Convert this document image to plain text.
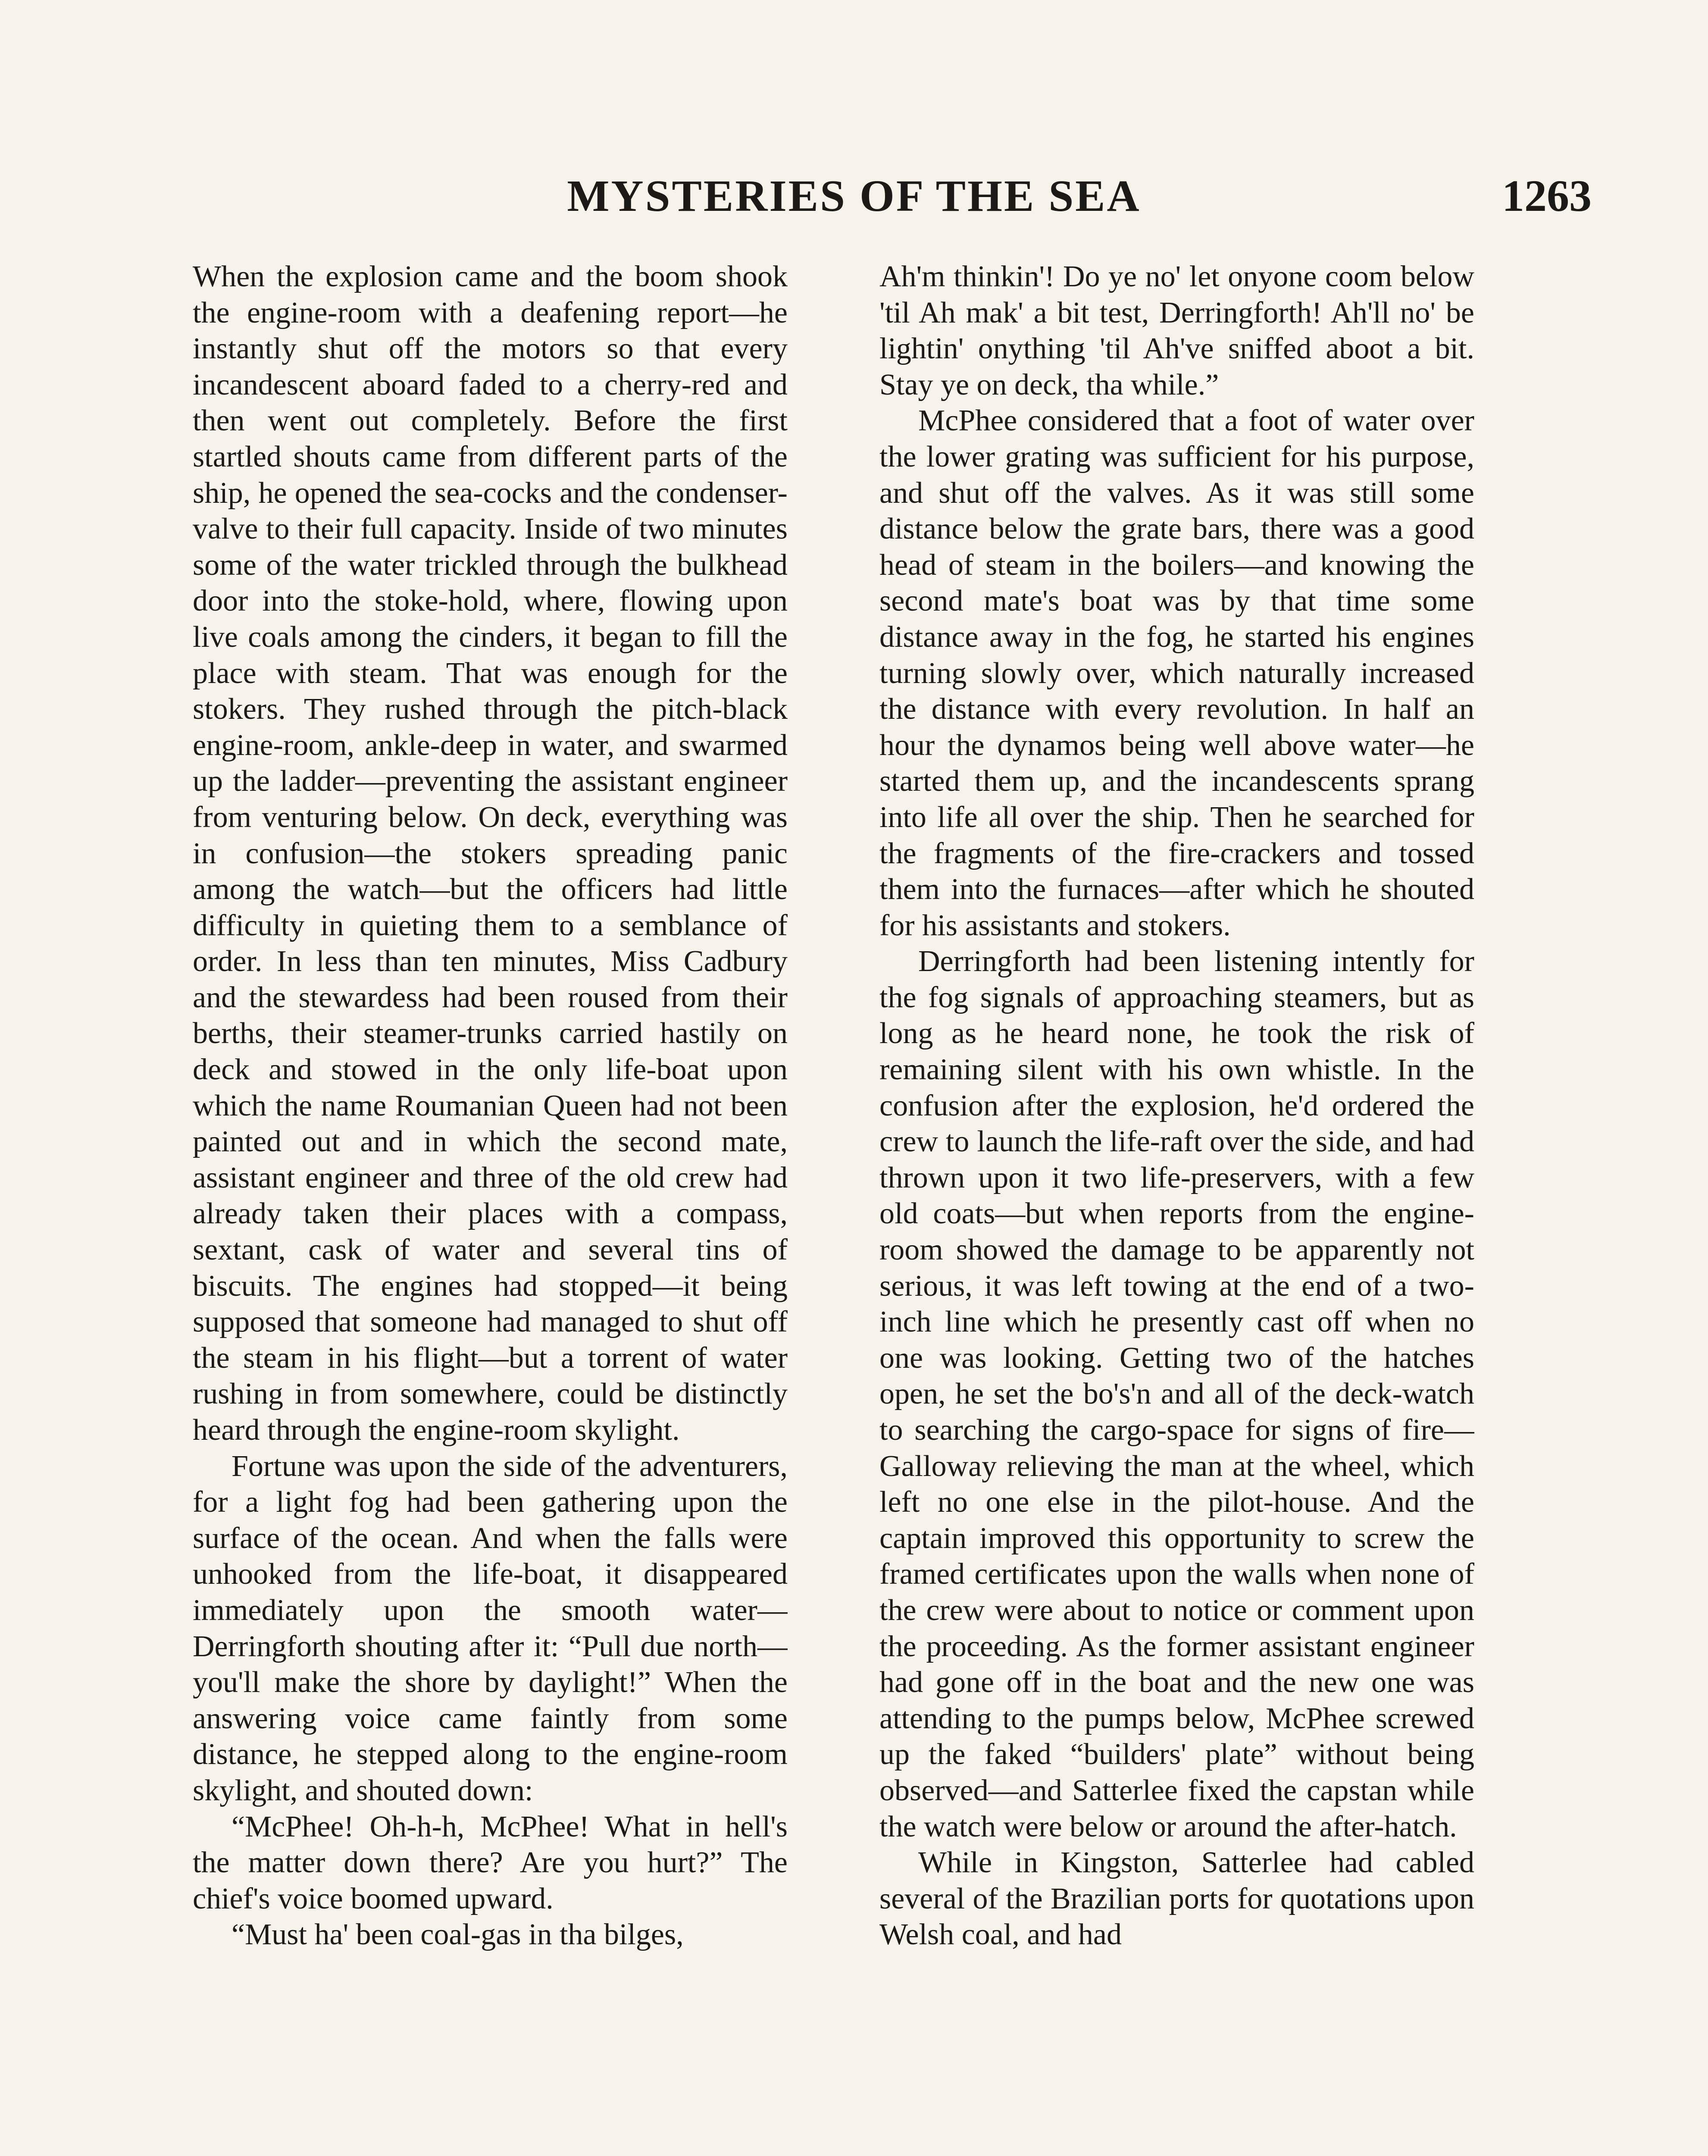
MYSTERIES OF THE SEA	1263

When the explosion came and the boom shook the engine-room with a deafening report—he instantly shut off the motors so that every incandescent aboard faded to a cherry-red and then went out completely. Before the first startled shouts came from different parts of the ship, he opened the sea-cocks and the condenser-valve to their full capacity. Inside of two minutes some of the water trickled through the bulkhead door into the stoke-hold, where, flowing upon live coals among the cinders, it began to fill the place with steam. That was enough for the stokers. They rushed through the pitch-black engine-room, ankle-deep in water, and swarmed up the ladder—preventing the assistant engineer from venturing below. On deck, everything was in confusion—the stokers spreading panic among the watch—but the officers had little difficulty in quieting them to a semblance of order. In less than ten minutes, Miss Cadbury and the stewardess had been roused from their berths, their steamer-trunks carried hastily on deck and stowed in the only life-boat upon which the name Roumanian Queen had not been painted out and in which the second mate, assistant engineer and three of the old crew had already taken their places with a compass, sextant, cask of water and several tins of biscuits. The engines had stopped—it being supposed that someone had managed to shut off the steam in his flight—but a torrent of water rushing in from somewhere, could be distinctly heard through the engine-room skylight.

Fortune was upon the side of the adventurers, for a light fog had been gathering upon the surface of the ocean. And when the falls were unhooked from the life-boat, it disappeared immediately upon the smooth water—Derringforth shouting after it: “Pull due north—you'll make the shore by daylight!” When the answering voice came faintly from some distance, he stepped along to the engine-room skylight, and shouted down:

“McPhee! Oh-h-h, McPhee! What in hell's the matter down there? Are you hurt?” The chief's voice boomed upward.

“Must ha' been coal-gas in tha bilges,

Ah'm thinkin'! Do ye no' let onyone coom below 'til Ah mak' a bit test, Derringforth! Ah'll no' be lightin' onything 'til Ah've sniffed aboot a bit. Stay ye on deck, tha while.”

McPhee considered that a foot of water over the lower grating was sufficient for his purpose, and shut off the valves. As it was still some distance below the grate bars, there was a good head of steam in the boilers—and knowing the second mate's boat was by that time some distance away in the fog, he started his engines turning slowly over, which naturally increased the distance with every revolution. In half an hour the dynamos being well above water—he started them up, and the incandescents sprang into life all over the ship. Then he searched for the fragments of the fire-crackers and tossed them into the furnaces—after which he shouted for his assistants and stokers.

Derringforth had been listening intently for the fog signals of approaching steamers, but as long as he heard none, he took the risk of remaining silent with his own whistle. In the confusion after the explosion, he'd ordered the crew to launch the life-raft over the side, and had thrown upon it two life-preservers, with a few old coats—but when reports from the engine-room showed the damage to be apparently not serious, it was left towing at the end of a two-inch line which he presently cast off when no one was looking. Getting two of the hatches open, he set the bo's'n and all of the deck-watch to searching the cargo-space for signs of fire—Galloway relieving the man at the wheel, which left no one else in the pilot-house. And the captain improved this opportunity to screw the framed certificates upon the walls when none of the crew were about to notice or comment upon the proceeding. As the former assistant engineer had gone off in the boat and the new one was attending to the pumps below, McPhee screwed up the faked “builders' plate” without being observed—and Satterlee fixed the capstan while the watch were below or around the after-hatch.

While in Kingston, Satterlee had cabled several of the Brazilian ports for quotations upon Welsh coal, and had
